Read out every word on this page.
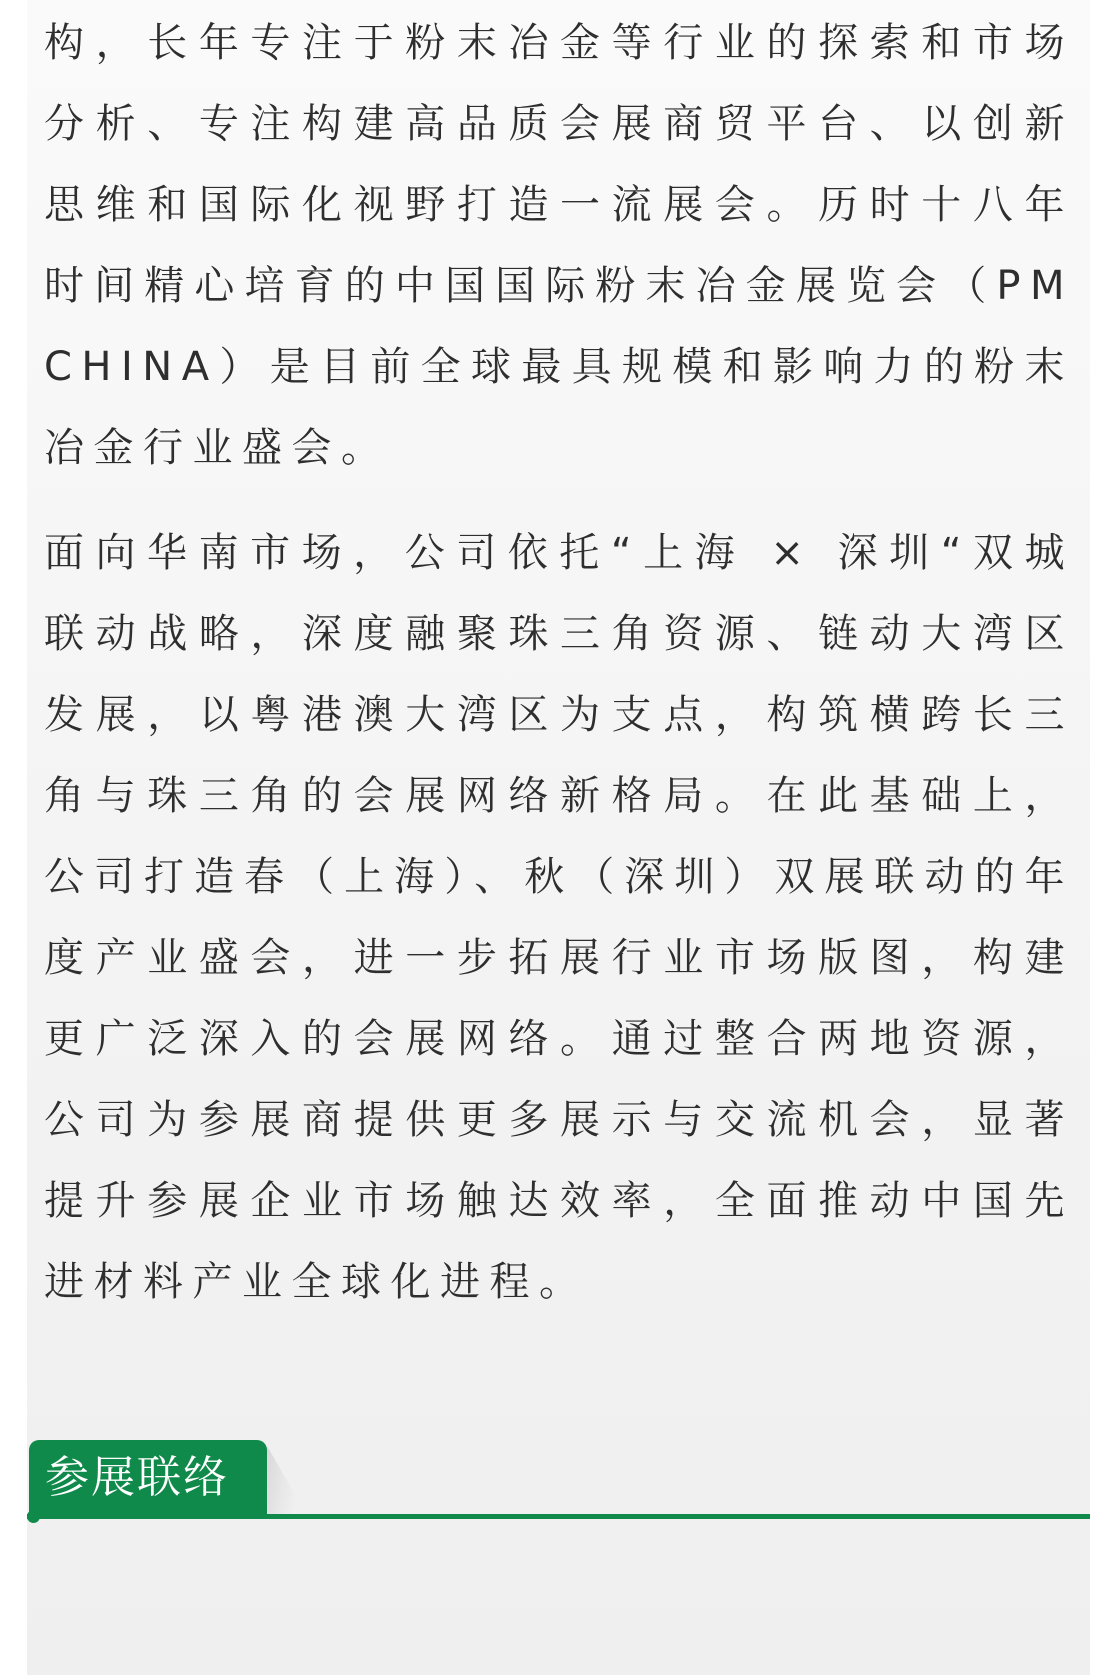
构，长年专注于粉末冶金等行业的探索和市场分析、专注构建高品质会展商贸平台、以创新思维和国际化视野打造一流展会。历时十八年时间精心培育的中国国际粉末冶金展览会（PM CHINA）是目前全球最具规模和影响力的粉末冶金行业盛会。

面向华南市场，公司依托“上海 × 深圳“双城联动战略，深度融聚珠三角资源、链动大湾区发展，以粤港澳大湾区为支点，构筑横跨长三角与珠三角的会展网络新格局。在此基础上，公司打造春（上海）、秋（深圳）双展联动的年度产业盛会，进一步拓展行业市场版图，构建更广泛深入的会展网络。通过整合两地资源，公司为参展商提供更多展示与交流机会，显著提升参展企业市场触达效率，全面推动中国先进材料产业全球化进程。

参展联络
